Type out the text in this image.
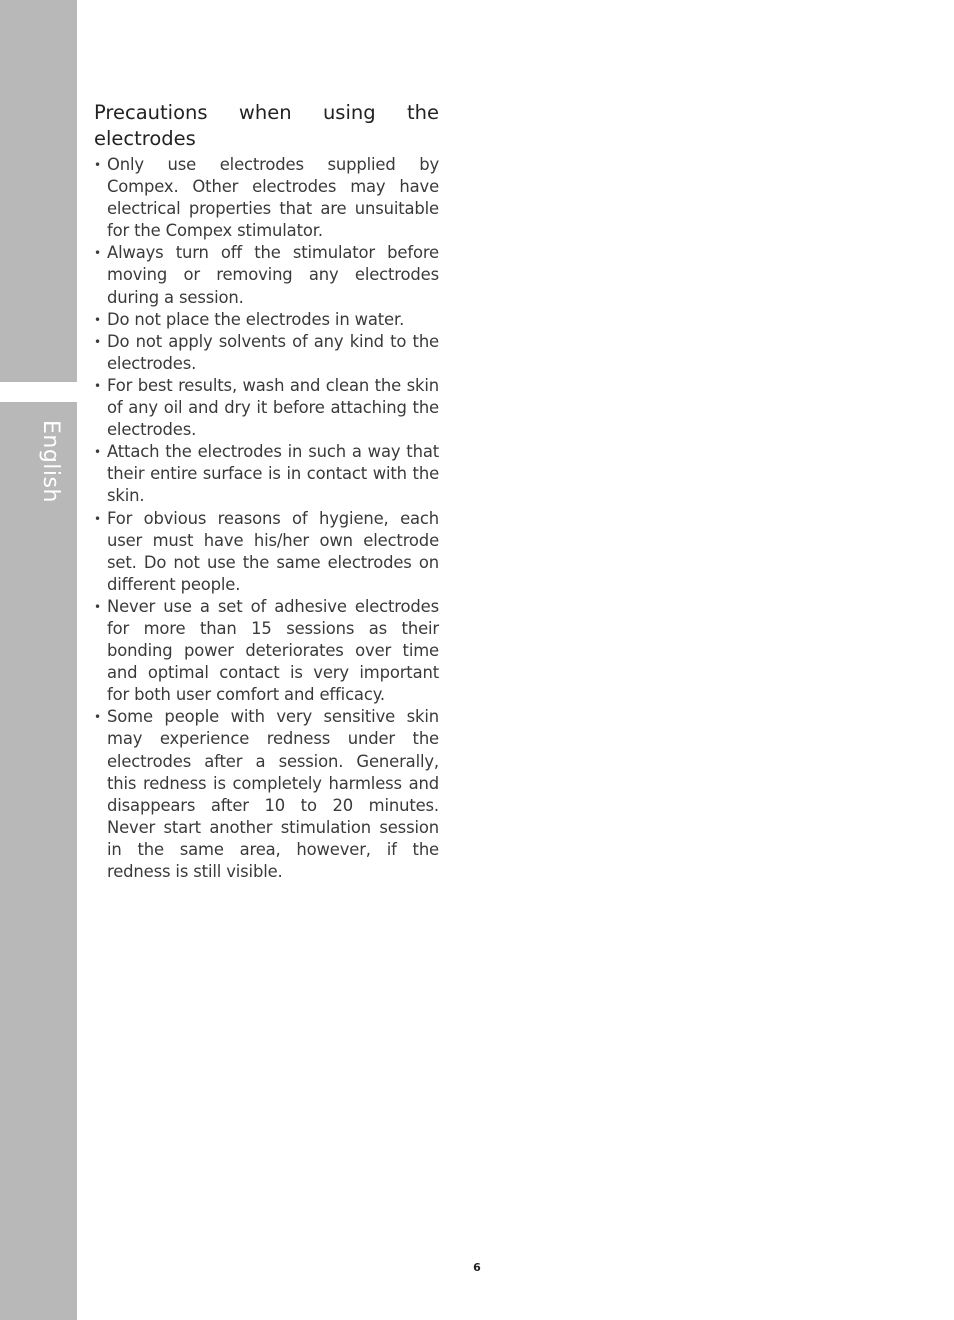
English
Precautions when using the electrodes
• Only use electrodes supplied by Compex. Other electrodes may have electrical properties that are unsuitable for the Compex stimulator.
• Always turn off the stimulator before moving or removing any electrodes during a session.
• Do not place the electrodes in water.
• Do not apply solvents of any kind to the electrodes.
• For best results, wash and clean the skin of any oil and dry it before attaching the electrodes.
• Attach the electrodes in such a way that their entire surface is in contact with the skin.
• For obvious reasons of hygiene, each user must have his/her own electrode set. Do not use the same electrodes on different people.
• Never use a set of adhesive electrodes for more than 15 sessions as their bonding power deteriorates over time and optimal contact is very important for both user comfort and efficacy.
• Some people with very sensitive skin may experience redness under the electrodes after a session. Generally, this redness is completely harmless and disappears after 10 to 20 minutes. Never start another stimulation session in the same area, however, if the redness is still visible.
6
